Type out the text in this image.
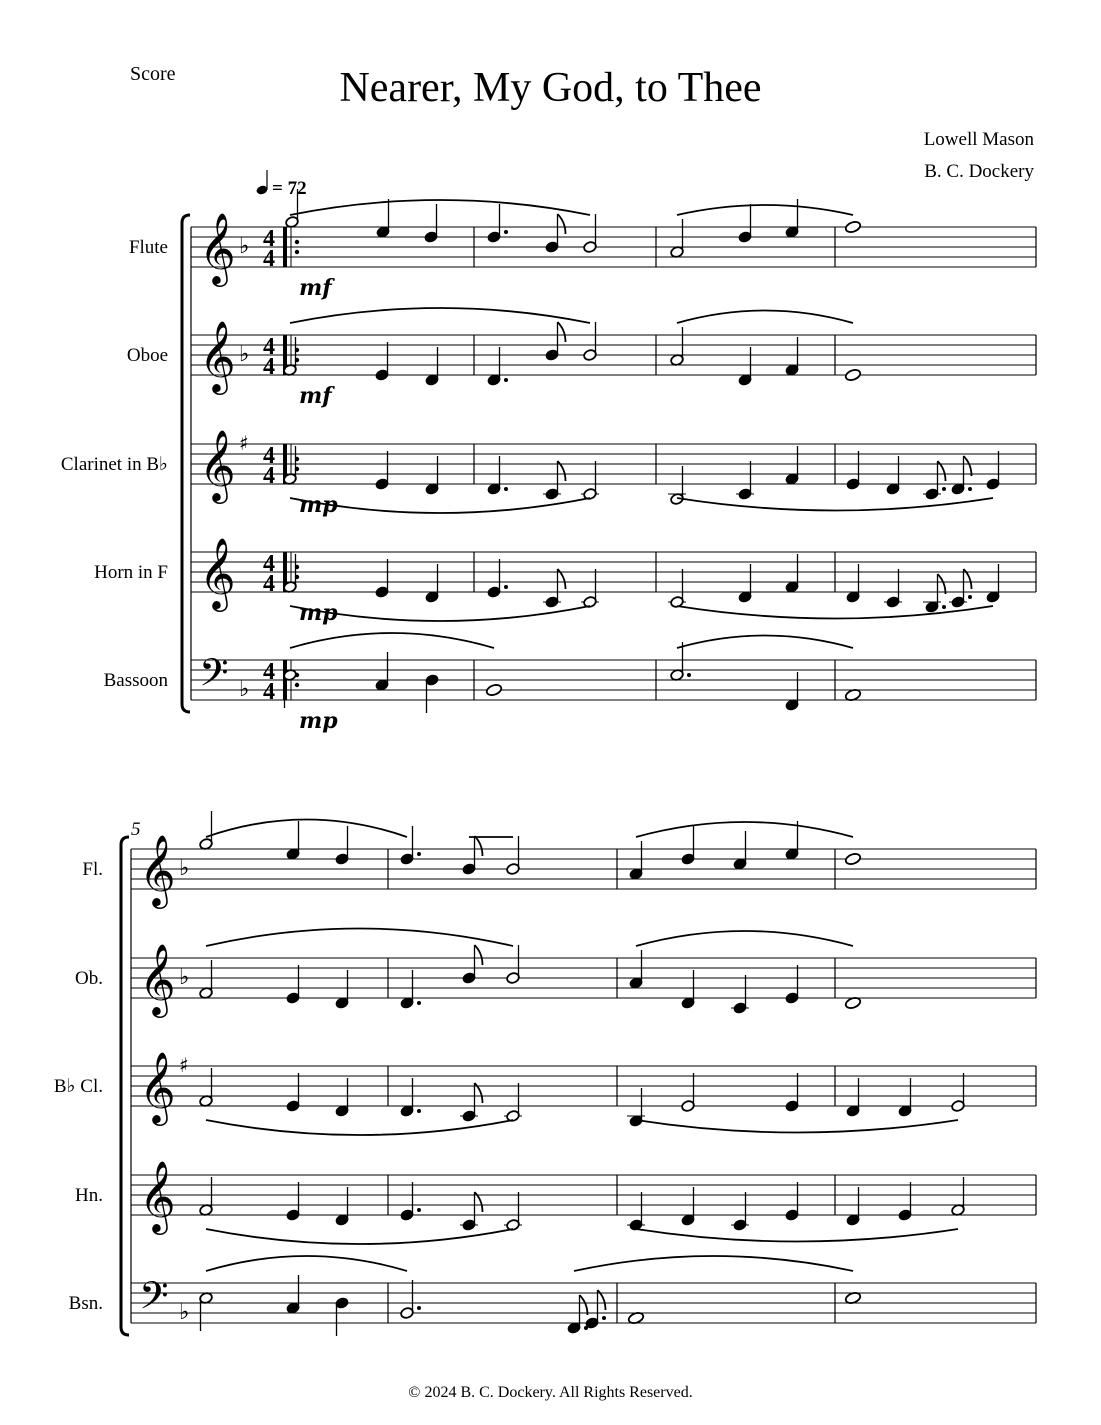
Score	Nearer, My God, to Thee
Lowell Mason
B. C. Dockery
© 2024 B. C. Dockery. All Rights Reserved.
Flute 𝄞 ♭ 4
4
mf
Oboe 𝄞 ♭ 4
4
mf
Clarinet in B♭ 𝄞 ♯ 4
4
mp
Horn in F 𝄞 4
4
mp
Bassoon 𝄢 ♭
4
4
mp
5
Fl. 𝄞 ♭
Ob. 𝄞 ♭
B♭ Cl. 𝄞 ♯
Hn. 𝄞
Bsn. 𝄢 ♭
= 72
